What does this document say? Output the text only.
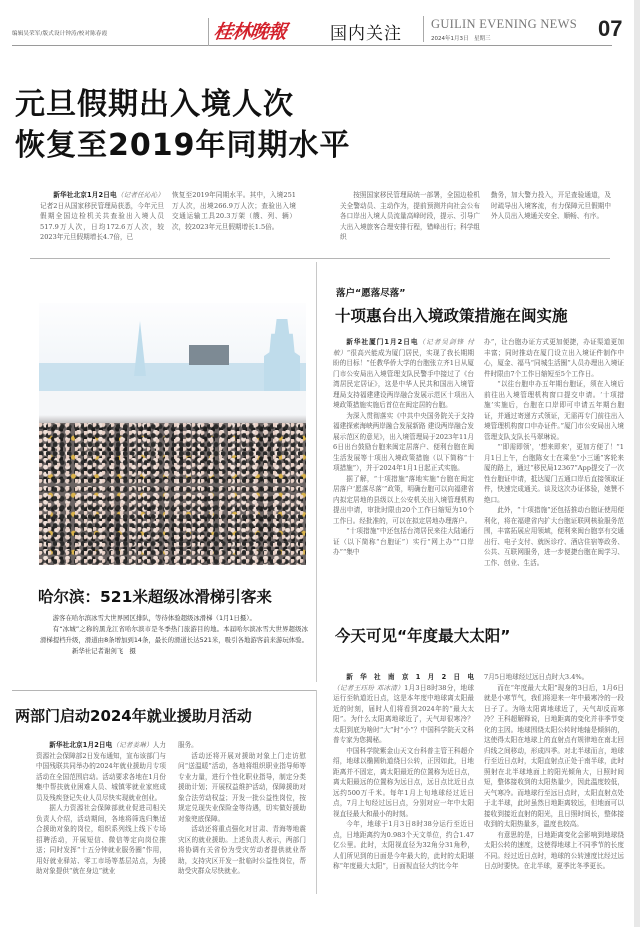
编辑吴荣军/版式设计钟涛/校对陈春霞	桂林晚報	国内关注 GUILIN EVENING NEWS
2024年1月3日　星期三	07
元旦假期出入境人次
恢复至2019年同期水平

新华社北京1月2日电（记者任沁沁）记者2日从国家移民管理局获悉，今年元旦假期全国边检机关共查验出入境人员517.9万人次，日均172.6万人次，较2023年元旦假期增长4.7倍，已

恢复至2019年同期水平。其中，入境251万人次，出境266.9万人次；查验出入境交通运输工具20.3万架（艘、列、辆）次，较2023年元旦假期增长1.5倍。

按照国家移民管理局统一部署，全国边检机关全警动员、主动作为，提前预测并向社会公布各口岸出入境人员流量高峰时段，提示、引导广大出入境旅客合理安排行程，错峰出行；科学组织

勤务，加大警力投入，开足查验通道，及时疏导出入境客流，有力保障元旦假期中外人员出入境通关安全、顺畅、有序。

哈尔滨：521米超级冰滑梯引客来

游客在哈尔滨冰雪大世界园区排队，等待体验超级冰滑梯（1月1日摄）。

有“冰城”之称的黑龙江省哈尔滨市是冬季热门旅游目的地。本届哈尔滨冰雪大世界超级冰滑梯提档升级，滑道由8条增加到14条，最长的滑道长达521米，吸引各地游客前来游玩体验。新华社记者谢剑飞　摄

落户“愿落尽落”
十项惠台出入境政策措施在闽实施

新华社厦门1月2日电（记者吴剑锋 付敏）“很高兴能成为厦门居民，实现了我长期期盼的目标！”任教华侨大学的台胞张立齐1日从厦门市公安局出入境管理支队民警手中接过了《台湾居民定居证》，这是中华人民共和国出入境管理局支持福建建设两岸融合发展示范区十项出入境政策措施实施后首位在闽定居的台胞。

为深入贯彻落实《中共中央国务院关于支持福建探索海峡两岸融合发展新路 建设两岸融合发展示范区的意见》，出入境管理局于2023年11月6日出台鼓励台胞来闽定居落户、便利台胞在闽生活发展等十项出入境政策措施（以下简称“十项措施”），并于2024年1月1日起正式实施。

据了解，“十项措施”落地实施“台胞在闽定居落户‘愿落尽落’”政策，明确台胞可以向福建省内拟定居地的县级以上公安机关出入境管理机构提出申请，审批时限由20个工作日缩短为10个工作日。经批准的，可以在拟定居地办理落户。

“十项措施”中还包括台湾居民来往大陆通行证（以下简称“台胞证”）实行“网上办”“口岸办”“集中

办”，让台胞办证方式更加便捷，办证渠道更加丰富；同时推动在厦门设立出入境证件制作中心，厦金、福马“同城生活圈”人员办理出入境证件时限由7个工作日缩短至5个工作日。

“以往台胞申办五年期台胞证，须在入境后前往出入境管理机构窗口提交申请。‘十项措施’实施后，台胞在口岸即可申请五年期台胞证，并通过寄递方式领证，无需再专门前往出入境管理机构窗口申办证件。”厦门市公安局出入境管理支队支队长马翠琳说。

“‘即需即领’，‘想来即来’，更加方便了！”1月1日上午，台胞陈女士在乘坐“小三通”客轮来厦的路上，通过“移民局12367”App提交了一次性台胞证申请，抵达厦门五通口岸后直接领取证件，快速完成通关。谈及这次办证体验，她赞不绝口。

此外，“十项措施”还包括推动台胞证使用便利化，将在福建省内扩大台胞证联网核验服务范围，丰富拓展应用领域，便利来闽台胞享有交通出行、电子支付、就医诊疗、酒店住宿等政务、公共、互联网服务，进一步便捷台胞在闽学习、工作、创业、生活。

今天可见“年度最大太阳”

新华社南京1月2日电（记者王珏玢 邓冰清）1月3日8时38分，地球运行至轨道近日点，这是本年度中地球离太阳最近的时刻，届时人们将看到2024年的“最大太阳”。为什么太阳离地球近了，天气却很寒冷？太阳到底为啥时“大”时“小”？中国科学院天文科普专家为您揭秘。

中国科学院紫金山天文台科普主管王科超介绍，地球以椭圆轨道绕日公转，正因如此，日地距离并不固定，离太阳最近的位置称为近日点，离太阳最远的位置称为远日点，远日点比近日点远约500万千米。每年1月上旬地球经过近日点，7月上旬经过远日点，分别对应一年中太阳视直径最大和最小的时刻。

今年，地球于1月3日8时38分运行至近日点，日地距离约为0.983个天文单位，约合1.47亿公里。此时，太阳视直径为32角分31角秒，人们所见到的日面是今年最大的，此时的太阳堪称“年度最大太阳”，日面视直径大约比今年

7月5日地球经过远日点时大3.4%。

而在“年度最大太阳”现身的3日后，1月6日就是小寒节气，我们将迎来一年中最寒冷的一段日子了。为啥太阳离地球近了，天气却反而寒冷？王科超解释说，日地距离的变化并非季节变化的主因。地球围绕太阳公转时地轴是倾斜的，这使得太阳在地球上的直射点有规律地在南北回归线之间移动，形成四季。对北半球而言，地球行至近日点时，太阳直射点正处于南半球，此时照射在北半球地面上的阳光倾角大，日照时间短，整体接收到的太阳热量少，因此温度较低，天气寒冷。而地球行至远日点时，太阳直射点处于北半球，此时虽然日地距离较远，但地面可以接收到接近直射的阳光，且日照时间长，整体接收到的太阳热量多，温度也较高。

有意思的是，日地距离变化会影响到地球绕太阳公转的速度，这使得地球上不同季节的长度不同。经过近日点时，地球的公转速度比经过远日点时要快。在北半球，夏季比冬季更长。

两部门启动2024年就业援助月活动

新华社北京1月2日电（记者姜琳）人力资源社会保障部2日发布通知，宣布该部门与中国残联共同举办的2024年就业援助月专项活动在全国范围启动。活动要求各地在1月份集中帮扶就业困难人员、城镇零就业家庭成员及残疾登记失业人员尽快实现就业创业。

据人力资源社会保障部就业促进司相关负责人介绍，活动期间，各地将筛选归集适合援助对象的岗位，组织系列线上线下专场招聘活动，开展短信、微信等定向岗位推送；同时发挥“十五分钟就业服务圈”作用，用好就业驿站、零工市场等基层站点，为援助对象提供“就在身边”就业

服务。

活动还将开展对援助对象上门走访慰问“送温暖”活动，各地将组织职业指导师等专业力量，进行个性化职业指导，制定分类援助计划；开展权益维护活动，保障援助对象合法劳动权益；开发一批公益性岗位，按规定兑现失业保险金等待遇，切实做好援助对象兜底保障。

活动还将重点强化对甘肃、青海等地震灾区的就业援助。上述负责人表示，两部门将协调有关省份为受灾劳动者提供就业帮助，支持灾区开发一批临时公益性岗位，帮助受灾群众尽快就业。
